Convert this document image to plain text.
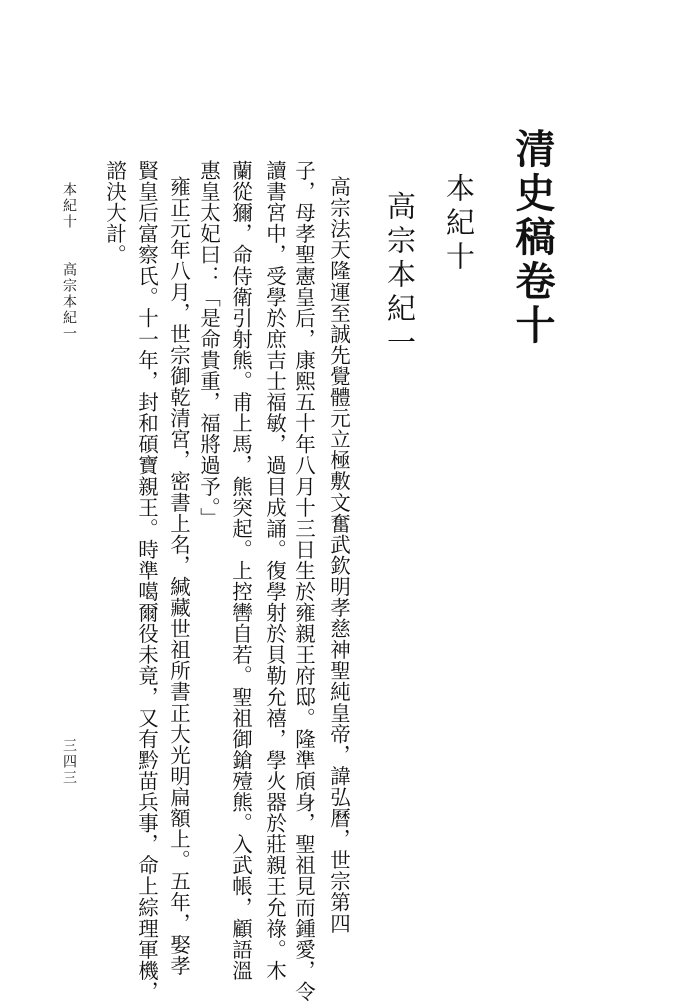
清史稿卷十
本紀十
高宗本紀一
高宗法天隆運至誠先覺體元立極敷文奮武欽明孝慈神聖純皇帝，諱弘曆，世宗第四
子，母孝聖憲皇后，康熙五十年八月十三日生於雍親王府邸。隆準頎身，聖祖見而鍾愛，令
讀書宮中，受學於庶吉士福敏，過目成誦。復學射於貝勒允禧，學火器於莊親王允祿。木
蘭從獮，命侍衛引射熊。甫上馬，熊突起。上控轡自若。聖祖御鎗殪熊。入武帳，顧語溫
惠皇太妃曰：「是命貴重，福將過予。」
雍正元年八月，世宗御乾清宮，密書上名，緘藏世祖所書正大光明扁額上。五年，娶孝
賢皇后富察氏。十一年，封和碩寶親王。時準噶爾役未竟，又有黔苗兵事，命上綜理軍機，
諮決大計。
本紀十
高宗本紀一
三四三
